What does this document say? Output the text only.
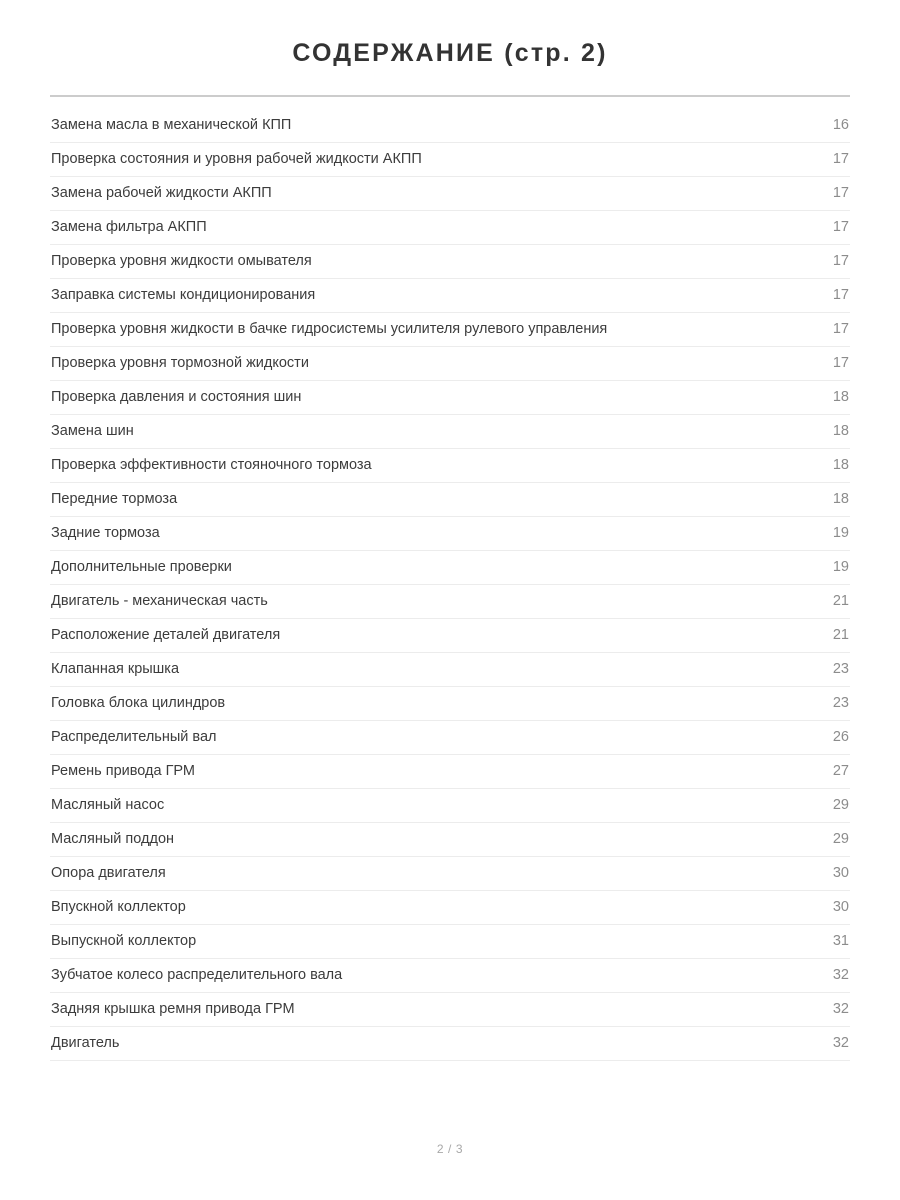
СОДЕРЖАНИЕ (стр. 2)
Замена масла в механической КПП	16
Проверка состояния и уровня рабочей жидкости АКПП	17
Замена рабочей жидкости АКПП	17
Замена фильтра АКПП	17
Проверка уровня жидкости омывателя	17
Заправка системы кондиционирования	17
Проверка уровня жидкости в бачке гидросистемы усилителя рулевого управления	17
Проверка уровня тормозной жидкости	17
Проверка давления и состояния шин	18
Замена шин	18
Проверка эффективности стояночного тормоза	18
Передние тормоза	18
Задние тормоза	19
Дополнительные проверки	19
Двигатель - механическая часть	21
Расположение деталей двигателя	21
Клапанная крышка	23
Головка блока цилиндров	23
Распределительный вал	26
Ремень привода ГРМ	27
Масляный насос	29
Масляный поддон	29
Опора двигателя	30
Впускной коллектор	30
Выпускной коллектор	31
Зубчатое колесо распределительного вала	32
Задняя крышка ремня привода ГРМ	32
Двигатель	32
2 / 3
